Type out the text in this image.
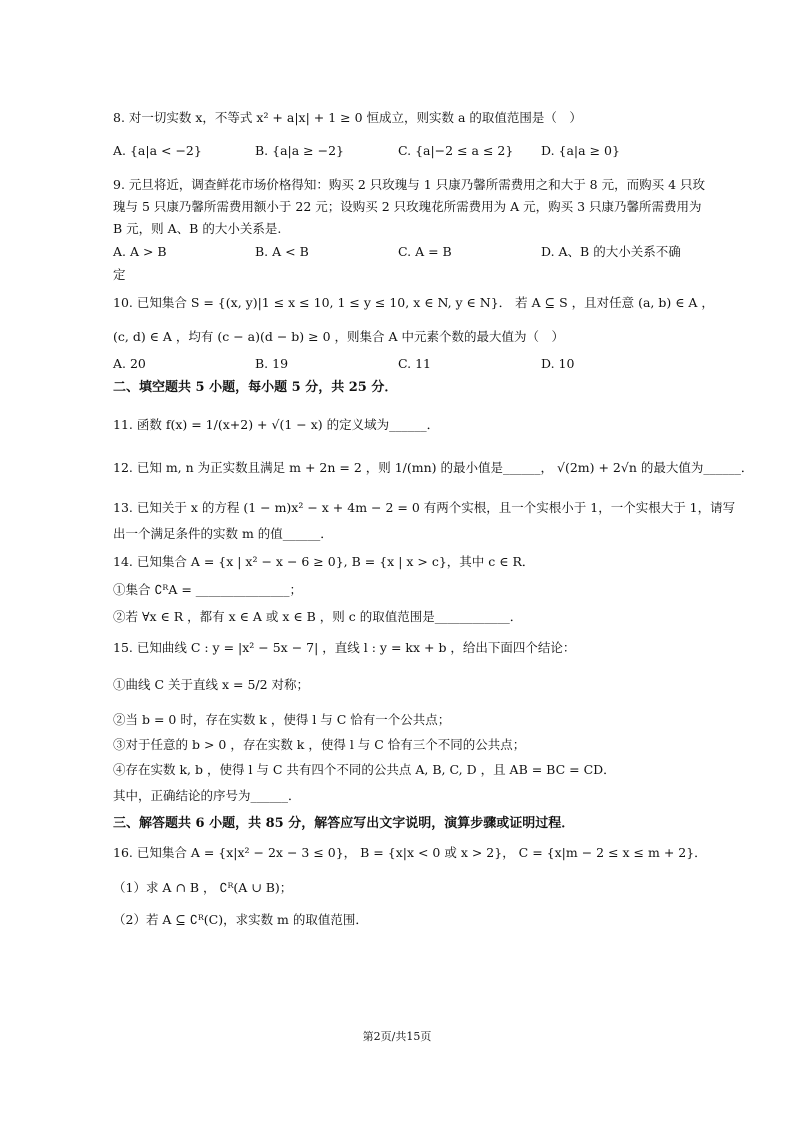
8. 对一切实数 x，不等式 x² + a|x| + 1 ≥ 0 恒成立，则实数 a 的取值范围是（　）
A. {a|a < −2}	B. {a|a ≥ −2}	C. {a|−2 ≤ a ≤ 2} D. {a|a ≥ 0}
9. 元旦将近，调查鲜花市场价格得知：购买 2 只玫瑰与 1 只康乃馨所需费用之和大于 8 元，而购买 4 只玫
瑰与 5 只康乃馨所需费用额小于 22 元；设购买 2 只玫瑰花所需费用为 A 元，购买 3 只康乃馨所需费用为
B 元，则 A、B 的大小关系是.
A. A > B	B. A < B	C. A = B	D. A、B 的大小关系不确
定
10. 已知集合 S = {(x, y)|1 ≤ x ≤ 10, 1 ≤ y ≤ 10, x ∈ N, y ∈ N}． 若 A ⊆ S ，且对任意 (a, b) ∈ A ，
(c, d) ∈ A ，均有 (c − a)(d − b) ≥ 0 ，则集合 A 中元素个数的最大值为（　）
A. 20	B. 19	C. 11	D. 10
二、填空题共 5 小题，每小题 5 分，共 25 分．
11. 函数 f(x) = 1/(x+2) + √(1 − x) 的定义域为______．
12. 已知 m, n 为正实数且满足 m + 2n = 2 ，则 1/(mn) 的最小值是______， √(2m) + 2√n 的最大值为______．
13. 已知关于 x 的方程 (1 − m)x² − x + 4m − 2 = 0 有两个实根，且一个实根小于 1，一个实根大于 1，请写
出一个满足条件的实数 m 的值______．
14. 已知集合 A = {x | x² − x − 6 ≥ 0}, B = {x | x > c}，其中 c ∈ R．
①集合 ∁ᴿA = _______________；
②若 ∀x ∈ R ，都有 x ∈ A 或 x ∈ B ，则 c 的取值范围是____________．
15. 已知曲线 C : y = |x² − 5x − 7| ，直线 l : y = kx + b ，给出下面四个结论：
①曲线 C 关于直线 x = 5/2 对称；
②当 b = 0 时，存在实数 k ，使得 l 与 C 恰有一个公共点；
③对于任意的 b > 0 ，存在实数 k ，使得 l 与 C 恰有三个不同的公共点；
④存在实数 k, b ，使得 l 与 C 共有四个不同的公共点 A, B, C, D ，且 AB = BC = CD．
其中，正确结论的序号为______．
三、解答题共 6 小题，共 85 分，解答应写出文字说明，演算步骤或证明过程．
16. 已知集合 A = {x|x² − 2x − 3 ≤ 0}， B = {x|x < 0 或 x > 2}， C = {x|m − 2 ≤ x ≤ m + 2}．
（1）求 A ∩ B ， ∁ᴿ(A ∪ B)；
（2）若 A ⊆ ∁ᴿ(C)，求实数 m 的取值范围．
第2页/共15页
